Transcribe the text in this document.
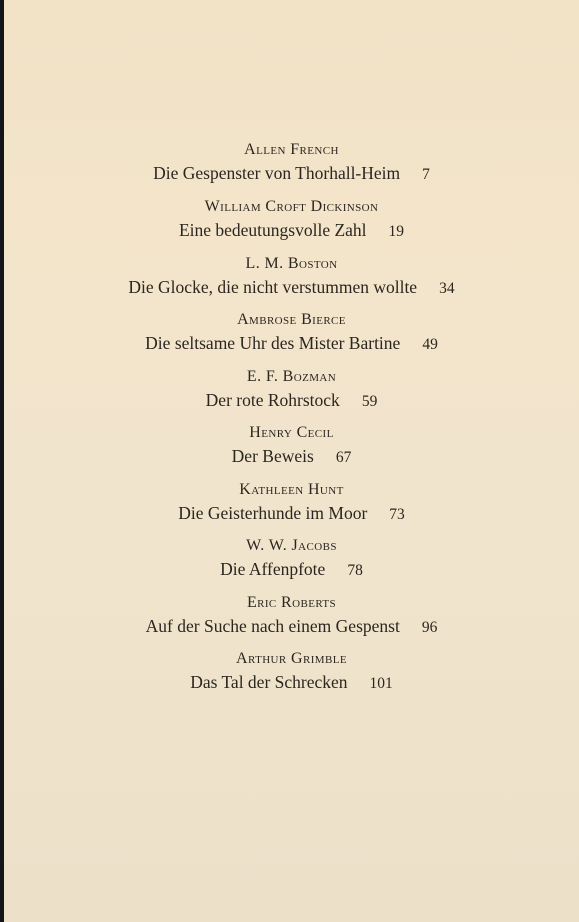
Allen French
Die Gespenster von Thorhall-Heim 7
William Croft Dickinson
Eine bedeutungsvolle Zahl 19
L. M. Boston
Die Glocke, die nicht verstummen wollte 34
Ambrose Bierce
Die seltsame Uhr des Mister Bartine 49
E. F. Bozman
Der rote Rohrstock 59
Henry Cecil
Der Beweis 67
Kathleen Hunt
Die Geisterhunde im Moor 73
W. W. Jacobs
Die Affenpfote 78
Eric Roberts
Auf der Suche nach einem Gespenst 96
Arthur Grimble
Das Tal der Schrecken 101
